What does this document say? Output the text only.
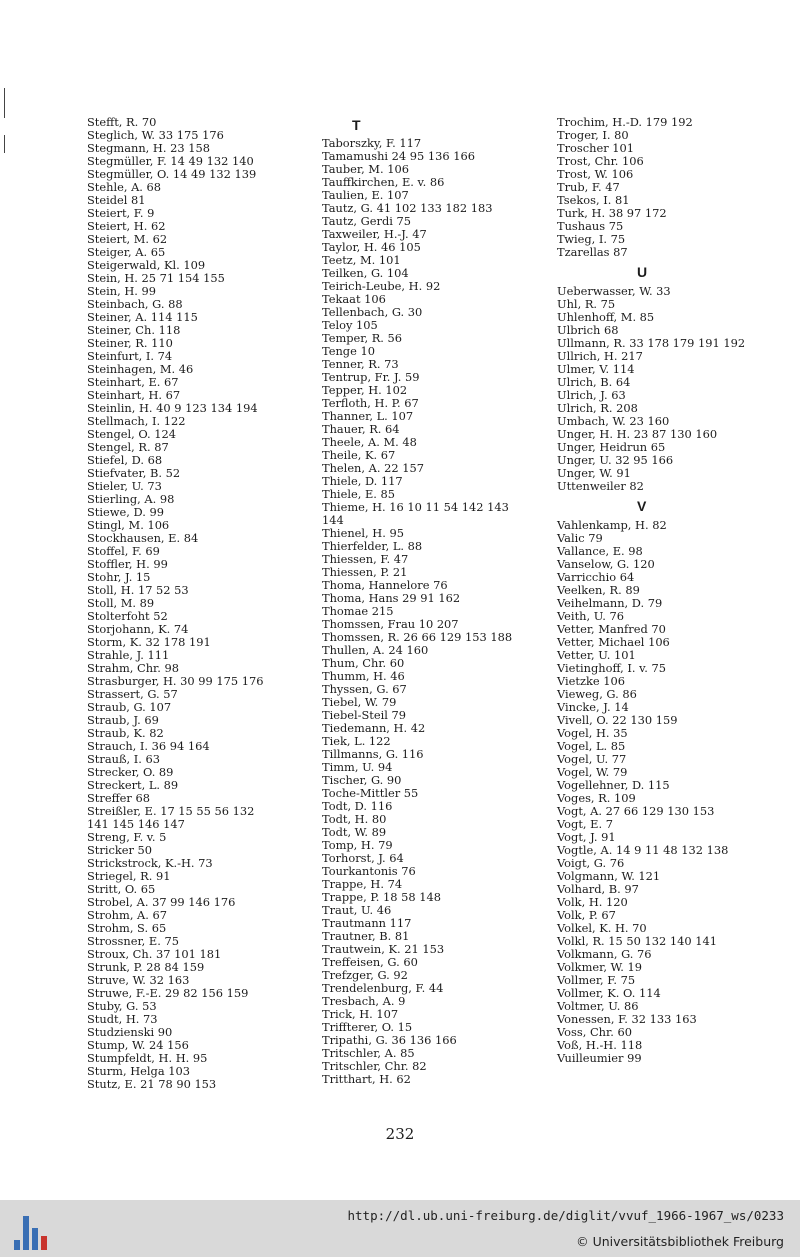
Stefft, R. 70
Steglich, W. 33 175 176
Stegmann, H. 23 158
Stegmüller, F. 14 49 132 140
Stegmüller, O. 14 49 132 139
Stehle, A. 68
Steidel 81
Steiert, F. 9
Steiert, H. 62
Steiert, M. 62
Steiger, A. 65
Steigerwald, Kl. 109
Stein, H. 25 71 154 155
Stein, H. 99
Steinbach, G. 88
Steiner, A. 114 115
Steiner, Ch. 118
Steiner, R. 110
Steinfurt, I. 74
Steinhagen, M. 46
Steinhart, E. 67
Steinhart, H. 67
Steinlin, H. 40 9 123 134 194
Stellmach, I. 122
Stengel, O. 124
Stengel, R. 87
Stiefel, D. 68
Stiefvater, B. 52
Stieler, U. 73
Stierling, A. 98
Stiewe, D. 99
Stingl, M. 106
Stockhausen, E. 84
Stoffel, F. 69
Stoffler, H. 99
Stohr, J. 15
Stoll, H. 17 52 53
Stoll, M. 89
Stolterfoht 52
Storjohann, K. 74
Storm, K. 32 178 191
Strahle, J. 111
Strahm, Chr. 98
Strasburger, H. 30 99 175 176
Strassert, G. 57
Straub, G. 107
Straub, J. 69
Straub, K. 82
Strauch, I. 36 94 164
Strauß, I. 63
Strecker, O. 89
Streckert, L. 89
Streffer 68
Streißler, E. 17 15 55 56 132
141 145 146 147
Streng, F. v. 5
Stricker 50
Strickstrock, K.-H. 73
Striegel, R. 91
Stritt, O. 65
Strobel, A. 37 99 146 176
Strohm, A. 67
Strohm, S. 65
Strossner, E. 75
Stroux, Ch. 37 101 181
Strunk, P. 28 84 159
Struve, W. 32 163
Struwe, F.-E. 29 82 156 159
Stuby, G. 53
Studt, H. 73
Studzienski 90
Stump, W. 24 156
Stumpfeldt, H. H. 95
Sturm, Helga 103
Stutz, E. 21 78 90 153
T
Taborszky, F. 117
Tamamushi 24 95 136 166
Tauber, M. 106
Tauffkirchen, E. v. 86
Taulien, E. 107
Tautz, G. 41 102 133 182 183
Tautz, Gerdi 75
Taxweiler, H.-J. 47
Taylor, H. 46 105
Teetz, M. 101
Teilken, G. 104
Teirich-Leube, H. 92
Tekaat 106
Tellenbach, G. 30
Teloy 105
Temper, R. 56
Tenge 10
Tenner, R. 73
Tentrup, Fr. J. 59
Tepper, H. 102
Terfloth, H. P. 67
Thanner, L. 107
Thauer, R. 64
Theele, A. M. 48
Theile, K. 67
Thelen, A. 22 157
Thiele, D. 117
Thiele, E. 85
Thieme, H. 16 10 11 54 142 143
144
Thienel, H. 95
Thierfelder, L. 88
Thiessen, F. 47
Thiessen, P. 21
Thoma, Hannelore 76
Thoma, Hans 29 91 162
Thomae 215
Thomssen, Frau 10 207
Thomssen, R. 26 66 129 153 188
Thullen, A. 24 160
Thum, Chr. 60
Thumm, H. 46
Thyssen, G. 67
Tiebel, W. 79
Tiebel-Steil 79
Tiedemann, H. 42
Tiek, L. 122
Tillmanns, G. 116
Timm, U. 94
Tischer, G. 90
Toche-Mittler 55
Todt, D. 116
Todt, H. 80
Todt, W. 89
Tomp, H. 79
Torhorst, J. 64
Tourkantonis 76
Trappe, H. 74
Trappe, P. 18 58 148
Traut, U. 46
Trautmann 117
Trautner, B. 81
Trautwein, K. 21 153
Treffeisen, G. 60
Trefzger, G. 92
Trendelenburg, F. 44
Tresbach, A. 9
Trick, H. 107
Triffterer, O. 15
Tripathi, G. 36 136 166
Tritschler, A. 85
Tritschler, Chr. 82
Tritthart, H. 62
Trochim, H.-D. 179 192
Troger, I. 80
Troscher 101
Trost, Chr. 106
Trost, W. 106
Trub, F. 47
Tsekos, I. 81
Turk, H. 38 97 172
Tushaus 75
Twieg, I. 75
Tzarellas 87
U
Ueberwasser, W. 33
Uhl, R. 75
Uhlenhoff, M. 85
Ulbrich 68
Ullmann, R. 33 178 179 191 192
Ullrich, H. 217
Ulmer, V. 114
Ulrich, B. 64
Ulrich, J. 63
Ulrich, R. 208
Umbach, W. 23 160
Unger, H. H. 23 87 130 160
Unger, Heidrun 65
Unger, U. 32 95 166
Unger, W. 91
Uttenweiler 82
V
Vahlenkamp, H. 82
Valic 79
Vallance, E. 98
Vanselow, G. 120
Varricchio 64
Veelken, R. 89
Veihelmann, D. 79
Veith, U. 76
Vetter, Manfred 70
Vetter, Michael 106
Vetter, U. 101
Vietinghoff, I. v. 75
Vietzke 106
Vieweg, G. 86
Vincke, J. 14
Vivell, O. 22 130 159
Vogel, H. 35
Vogel, L. 85
Vogel, U. 77
Vogel, W. 79
Vogellehner, D. 115
Voges, R. 109
Vogt, A. 27 66 129 130 153
Vogt, E. 7
Vogt, J. 91
Vogtle, A. 14 9 11 48 132 138
Voigt, G. 76
Volgmann, W. 121
Volhard, B. 97
Volk, H. 120
Volk, P. 67
Volkel, K. H. 70
Volkl, R. 15 50 132 140 141
Volkmann, G. 76
Volkmer, W. 19
Vollmer, F. 75
Vollmer, K. O. 114
Voltmer, U. 86
Vonessen, F. 32 133 163
Voss, Chr. 60
Voß, H.-H. 118
Vuilleumier 99
232
http://dl.ub.uni-freiburg.de/diglit/vvuf_1966-1967_ws/0233
© Universitätsbibliothek Freiburg
